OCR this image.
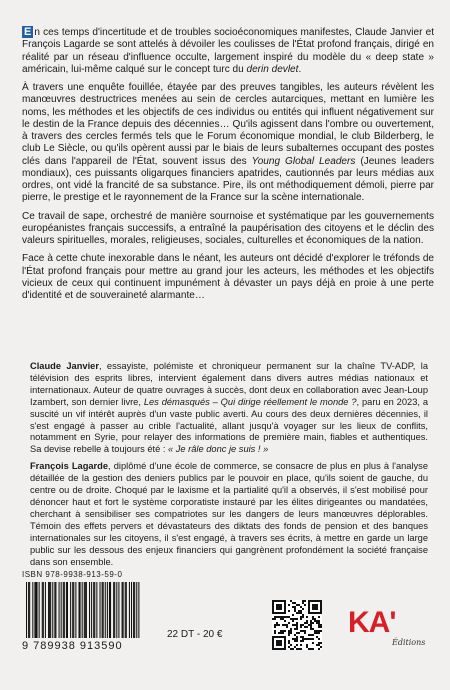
E n ces temps d'incertitude et de troubles socioéconomiques manifestes, Claude Janvier et François Lagarde se sont attelés à dévoiler les coulisses de l'État profond français, dirigé en réalité par un réseau d'influence occulte, largement inspiré du modèle du « deep state » américain, lui-même calqué sur le concept turc du derin devlet.

À travers une enquête fouillée, étayée par des preuves tangibles, les auteurs révèlent les manœuvres destructrices menées au sein de cercles autarciques, mettant en lumière les noms, les méthodes et les objectifs de ces individus ou entités qui influent négativement sur le destin de la France depuis des décennies… Qu'ils agissent dans l'ombre ou ouvertement, à travers des cercles fermés tels que le Forum économique mondial, le club Bilderberg, le club Le Siècle, ou qu'ils opèrent aussi par le biais de leurs subalternes occupant des postes clés dans l'appareil de l'État, souvent issus des Young Global Leaders (Jeunes leaders mondiaux), ces puissants oligarques financiers apatrides, cautionnés par leurs médias aux ordres, ont vidé la francité de sa substance. Pire, ils ont méthodiquement démoli, pierre par pierre, le prestige et le rayonnement de la France sur la scène internationale.

Ce travail de sape, orchestré de manière sournoise et systématique par les gouvernements européanistes français successifs, a entraîné la paupérisation des citoyens et le déclin des valeurs spirituelles, morales, religieuses, sociales, culturelles et économiques de la nation.

Face à cette chute inexorable dans le néant, les auteurs ont décidé d'explorer le tréfonds de l'État profond français pour mettre au grand jour les acteurs, les méthodes et les objectifs vicieux de ceux qui continuent impunément à dévaster un pays déjà en proie à une perte d'identité et de souveraineté alarmante…

Claude Janvier, essayiste, polémiste et chroniqueur permanent sur la chaîne TV-ADP, la télévision des esprits libres, intervient également dans divers autres médias nationaux et internationaux. Auteur de quatre ouvrages à succès, dont deux en collaboration avec Jean-Loup Izambert, son dernier livre, Les démasqués – Qui dirige réellement le monde ?, paru en 2023, a suscité un vif intérêt auprès d'un vaste public averti. Au cours des deux dernières décennies, il s'est engagé à passer au crible l'actualité, allant jusqu'à voyager sur les lieux de conflits, notamment en Syrie, pour relayer des informations de première main, fiables et authentiques. Sa devise rebelle à toujours été : « Je râle donc je suis ! »

François Lagarde, diplômé d'une école de commerce, se consacre de plus en plus à l'analyse détaillée de la gestion des deniers publics par le pouvoir en place, qu'ils soient de gauche, du centre ou de droite. Choqué par le laxisme et la partialité qu'il a observés, il s'est mobilisé pour dénoncer haut et fort le système corporatiste instauré par les élites dirigeantes ou mandatées, cherchant à sensibiliser ses compatriotes sur les dangers de leurs manœuvres déplorables. Témoin des effets pervers et dévastateurs des diktats des fonds de pension et des banques internationales sur les citoyens, il s'est engagé, à travers ses écrits, à mettre en garde un large public sur les dessous des enjeux financiers qui gangrènent profondément la société française dans son ensemble.

ISBN 978-9938-913-59-0
9 789938 913590
22 DT - 20 €	KA'
Éditions
